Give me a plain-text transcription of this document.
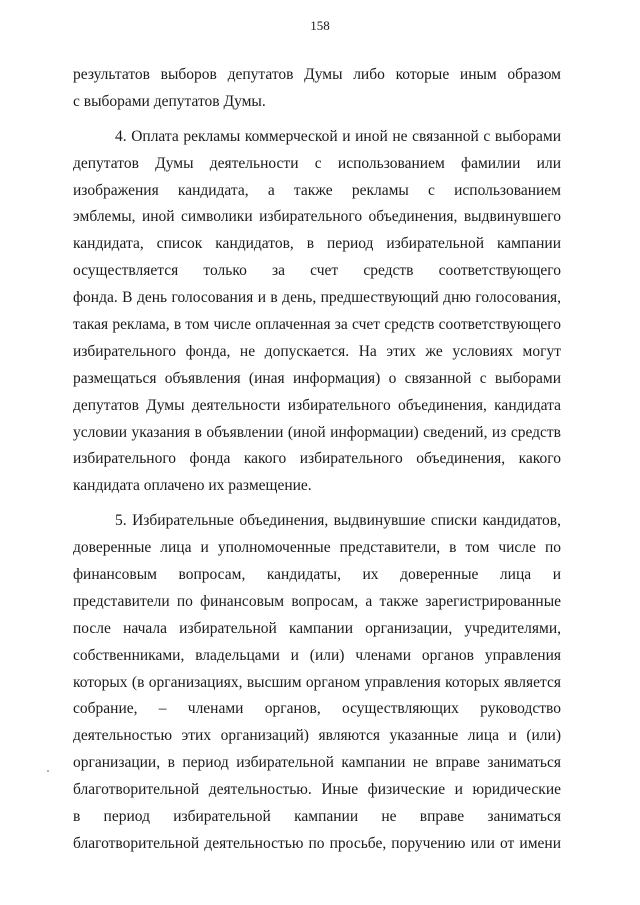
158
результатов выборов депутатов Думы либо которые иным образом
с выборами депутатов Думы.
4. Оплата рекламы коммерческой и иной не связанной с выборами
депутатов Думы деятельности с использованием фамилии или
изображения кандидата, а также рекламы с использованием
эмблемы, иной символики избирательного объединения, выдвинувшего
кандидата, список кандидатов, в период избирательной кампании
осуществляется только за счет средств соответствующего
фонда. В день голосования и в день, предшествующий дню голосования,
такая реклама, в том числе оплаченная за счет средств соответствующего
избирательного фонда, не допускается. На этих же условиях могут
размещаться объявления (иная информация) о связанной с выборами
депутатов Думы деятельности избирательного объединения, кандидата
условии указания в объявлении (иной информации) сведений, из средств
избирательного фонда какого избирательного объединения, какого
кандидата оплачено их размещение.
5. Избирательные объединения, выдвинувшие списки кандидатов,
доверенные лица и уполномоченные представители, в том числе по
финансовым вопросам, кандидаты, их доверенные лица и
представители по финансовым вопросам, а также зарегистрированные
после начала избирательной кампании организации, учредителями,
собственниками, владельцами и (или) членами органов управления
которых (в организациях, высшим органом управления которых является
собрание, – членами органов, осуществляющих руководство
деятельностью этих организаций) являются указанные лица и (или)
организации, в период избирательной кампании не вправе заниматься
благотворительной деятельностью. Иные физические и юридические
в период избирательной кампании не вправе заниматься
благотворительной деятельностью по просьбе, поручению или от имени
